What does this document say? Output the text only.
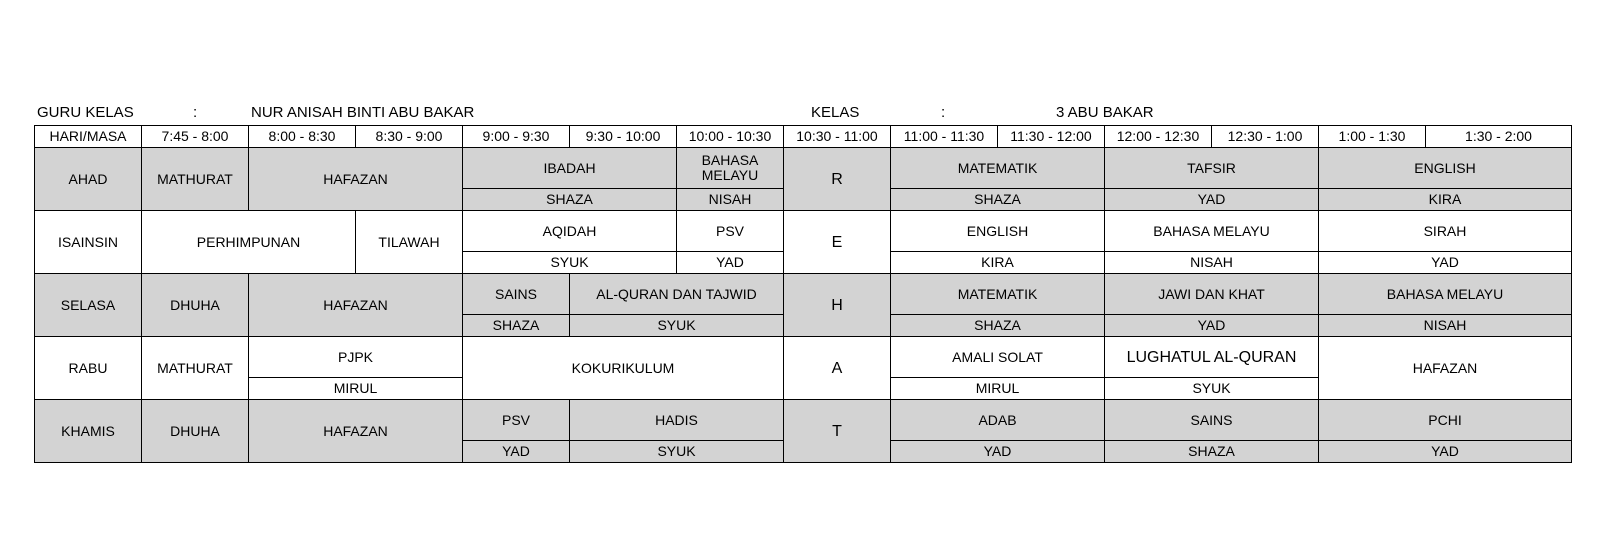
GURU KELAS	:	NUR ANISAH BINTI ABU BAKAR	KELAS	:	3 ABU BAKAR
HARI/MASA	7:45 - 8:00	8:00 - 8:30	8:30 - 9:00	9:00 - 9:30	9:30 - 10:00	10:00 - 10:30	10:30 - 11:00	11:00 - 11:30	11:30 - 12:00	12:00 - 12:30	12:30 - 1:00	1:00 - 1:30	1:30 - 2:00
AHAD	MATHURAT	HAFAZAN		IBADAH		BAHASA MELAYU	R	MATEMATIK		TAFSIR		ENGLISH	
				SHAZA		NISAH		SHAZA		YAD		KIRA	
ISAINSIN	PERHIMPUNAN		TILAWAH	AQIDAH		PSV	E	ENGLISH		BAHASA MELAYU		SIRAH	
				SYUK		YAD		KIRA		NISAH		YAD	
SELASA	DHUHA	HAFAZAN		SAINS	AL-QURAN DAN TAJWID		H	MATEMATIK		JAWI DAN KHAT		BAHASA MELAYU	
				SHAZA	SYUK			SHAZA		YAD		NISAH	
RABU	MATHURAT	PJPK		KOKURIKULUM			A	AMALI SOLAT		LUGHATUL AL-QURAN		HAFAZAN	
		MIRUL						MIRUL		SYUK			
KHAMIS	DHUHA	HAFAZAN		PSV	HADIS		T	ADAB		SAINS		PCHI	
				YAD	SYUK			YAD		SHAZA		YAD	
